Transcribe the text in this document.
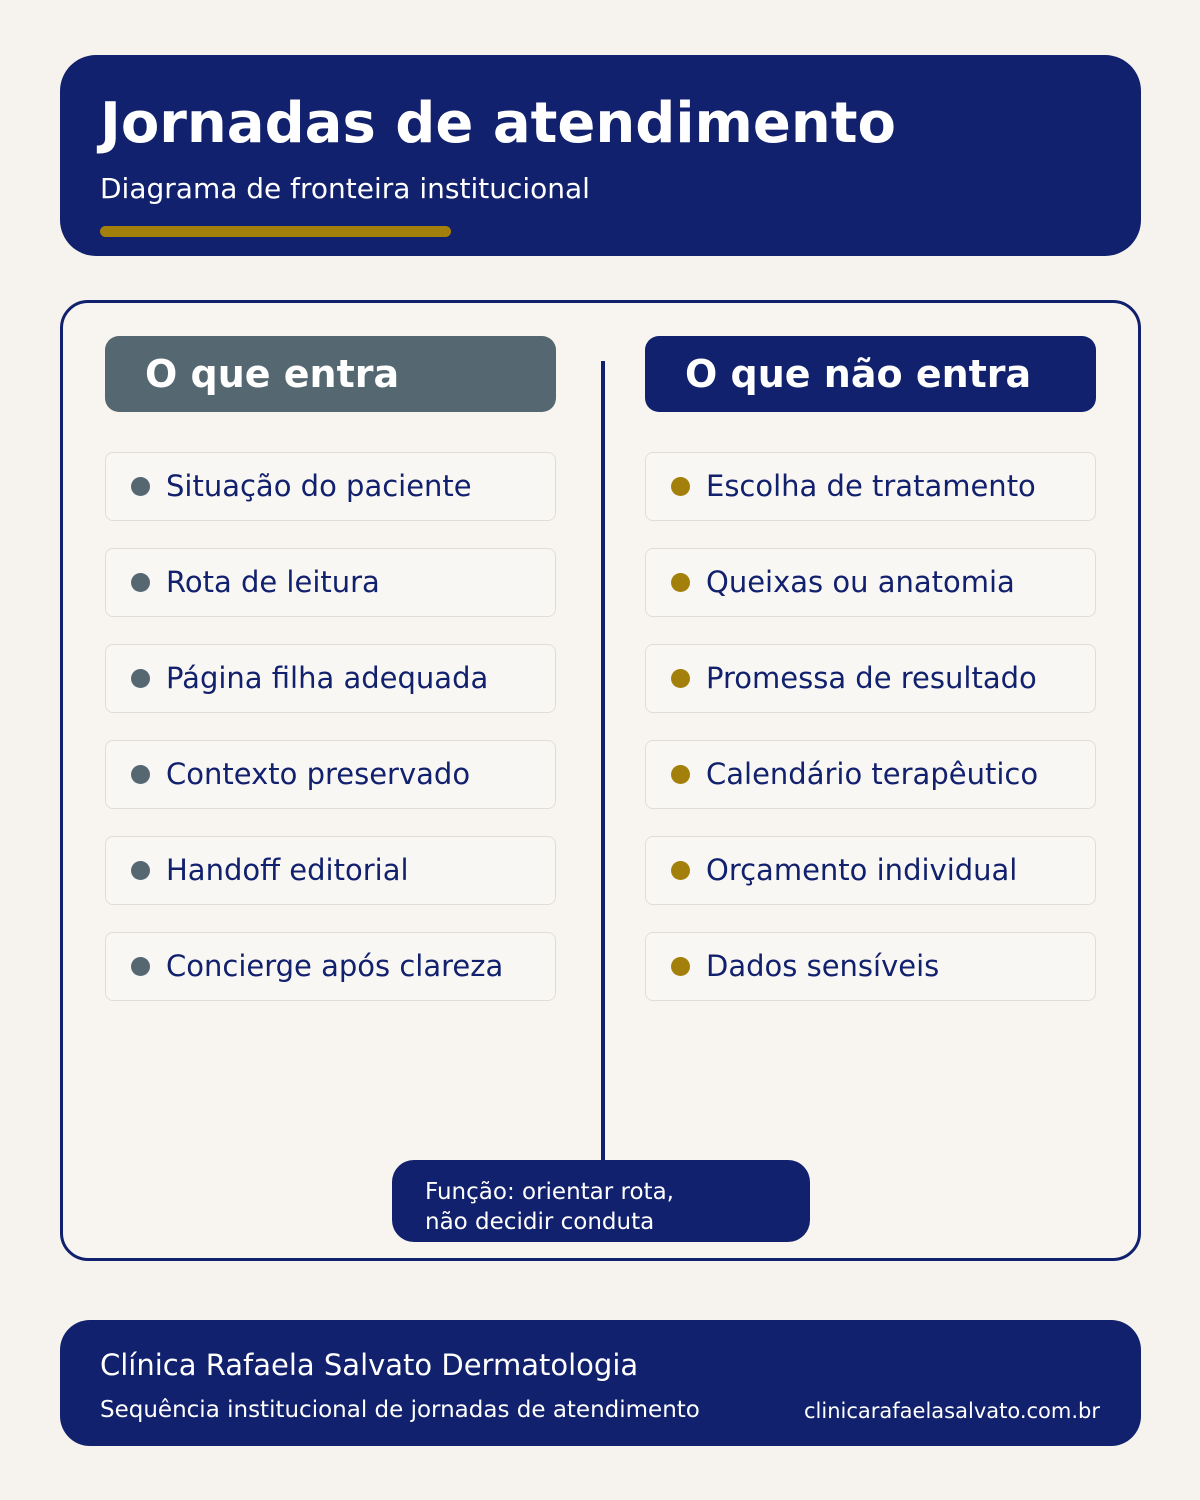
Jornadas de atendimento
Diagrama de fronteira institucional
O que entra
Situação do paciente
Rota de leitura
Página filha adequada
Contexto preservado
Handoff editorial
Concierge após clareza
O que não entra
Escolha de tratamento
Queixas ou anatomia
Promessa de resultado
Calendário terapêutico
Orçamento individual
Dados sensíveis
Função: orientar rota,
não decidir conduta
Clínica Rafaela Salvato Dermatologia
Sequência institucional de jornadas de atendimento	clinicarafaelasalvato.com.br
